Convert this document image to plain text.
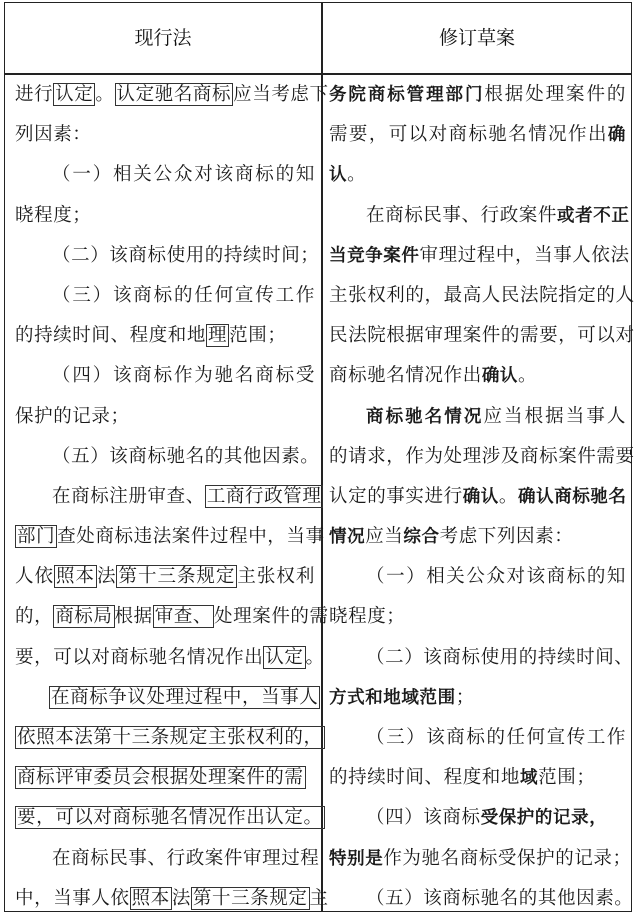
现行法	修订草案
进行 认定 。 认定驰名商标 应当考虑下
列因素：
（一）相关公众对该商标的知
晓程度；
（二）该商标使用的持续时间；
（三）该商标的任何宣传工作
的持续时间、程度和地 理 范围；
（四）该商标作为驰名商标受
保护的记录；
（五）该商标驰名的其他因素。
在商标注册审查、 工商行政管理
部门 查处商标违法案件过程中，当事
人依 照本 法 第十三条规定 主张权利
的， 商标局 根据 审查、 处理案件的需
要，可以对商标驰名情况作出 认定 。
在商标争议处理过程中，当事人
依照本法第十三条规定主张权利的，
商标评审委员会根据处理案件的需
要，可以对商标驰名情况作出认定。
在商标民事、行政案件审理过程
中，当事人依 照本 法 第十三条规定 主
务院商标管理部门根据处理案件的
需要，可以对商标驰名情况作出确
认。
在商标民事、行政案件或者不正
当竞争案件审理过程中，当事人依法
主张权利的，最高人民法院指定的人
民法院根据审理案件的需要，可以对
商标驰名情况作出确认。
商标驰名情况应当根据当事人
的请求，作为处理涉及商标案件需要
认定的事实进行确认。确认商标驰名
情况应当综合考虑下列因素：
（一）相关公众对该商标的知
晓程度；
（二）该商标使用的持续时间、
方式和地域范围；
（三）该商标的任何宣传工作
的持续时间、程度和地域范围；
（四）该商标受保护的记录，
特别是作为驰名商标受保护的记录；
（五）该商标驰名的其他因素。
